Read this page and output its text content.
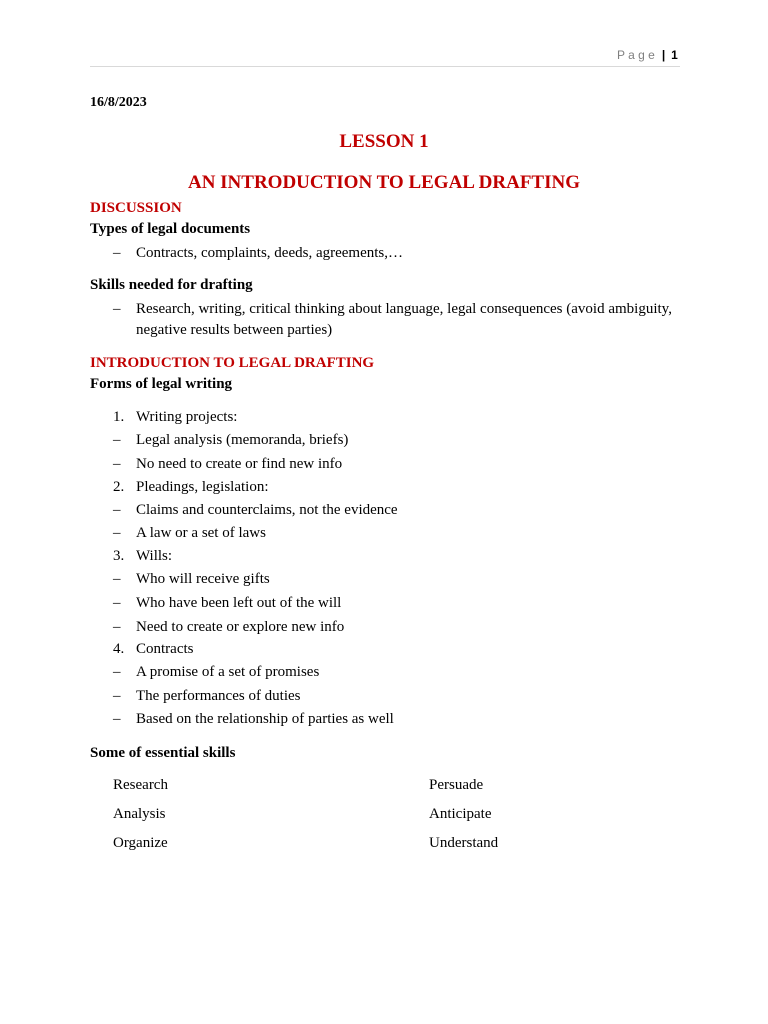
P a g e | 1
16/8/2023
LESSON 1
AN INTRODUCTION TO LEGAL DRAFTING
DISCUSSION
Types of legal documents
– Contracts, complaints, deeds, agreements,…
Skills needed for drafting
– Research, writing, critical thinking about language, legal consequences (avoid ambiguity, negative results between parties)
INTRODUCTION TO LEGAL DRAFTING
Forms of legal writing
1. Writing projects:
– Legal analysis (memoranda, briefs)
– No need to create or find new info
2. Pleadings, legislation:
– Claims and counterclaims, not the evidence
– A law or a set of laws
3. Wills:
– Who will receive gifts
– Who have been left out of the will
– Need to create or explore new info
4. Contracts
– A promise of a set of promises
– The performances of duties
– Based on the relationship of parties as well
Some of essential skills
Research	Persuade
Analysis	Anticipate
Organize	Understand
